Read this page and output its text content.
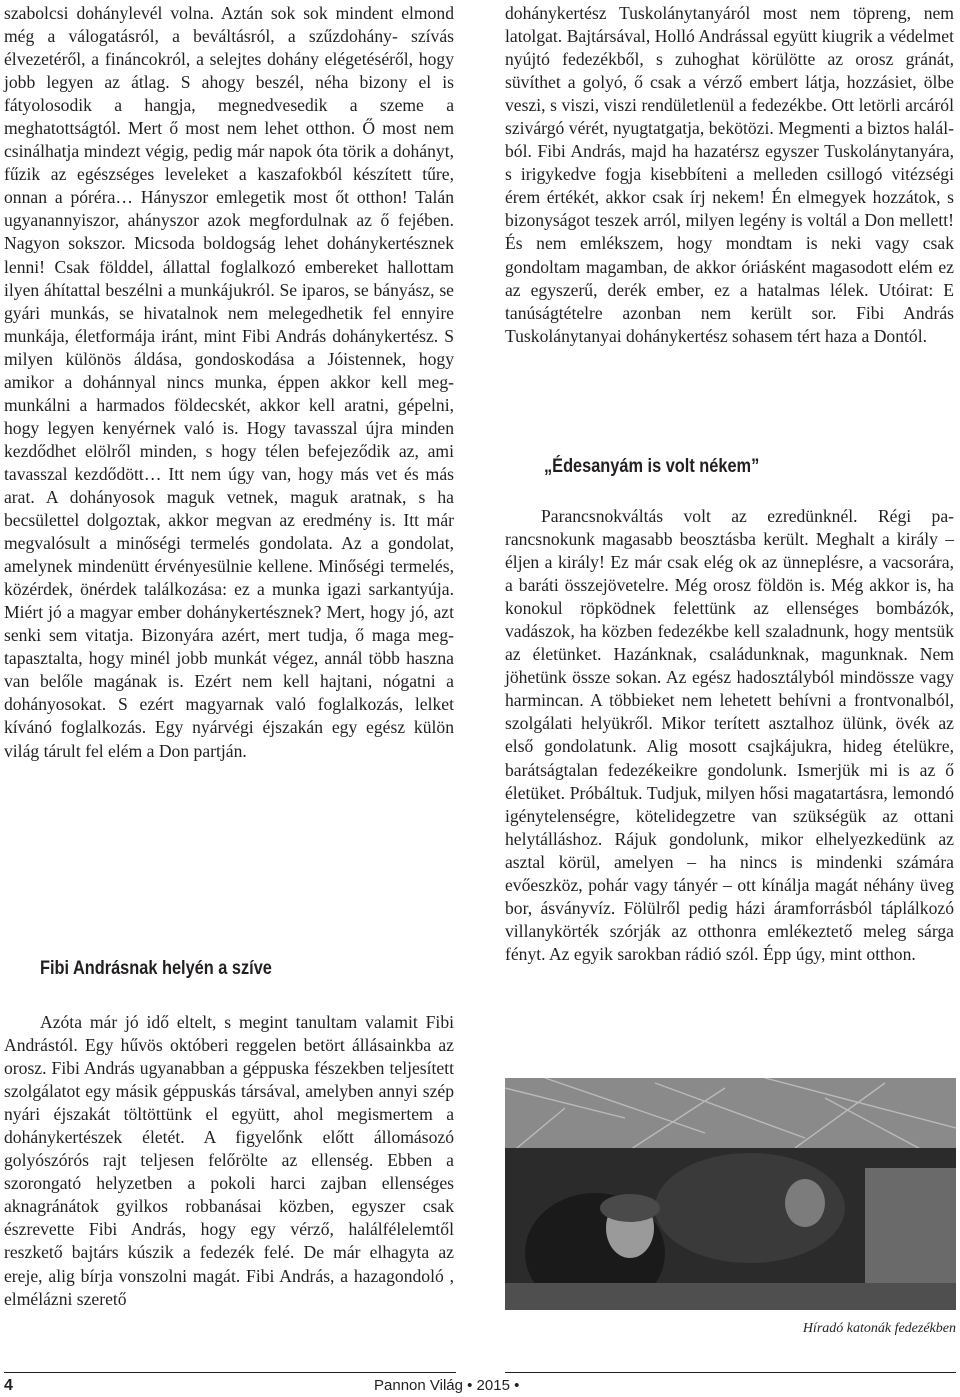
szabolcsi dohánylevél volna. Aztán sok sok mindent elmond még a válogatásról, a beváltásról, a szűzdohány- szívás élvezetéről, a fináncokról, a selejtes dohány elégetéséről, hogy jobb legyen az átlag. S ahogy beszél, néha bizony el is fátyolosodik a hangja, megnedvesedik a szeme a meghatottságtól. Mert ő most nem lehet otthon. Ő most nem csinálhatja mindezt végig, pedig már napok óta törik a dohányt, fűzik az egészséges leveleket a kaszafokból készített tűre, onnan a póréra… Hányszor emlegetik most őt otthon! Talán ugyanannyiszor, ahányszor azok megfordulnak az ő fejében. Nagyon sokszor. Micsoda boldogság lehet dohánykertésznek lenni! Csak földdel, állattal foglalkozó embereket hallottam ilyen áhítattal beszélni a munkájukról. Se iparos, se bányász, se gyári munkás, se hivatalnok nem melegedhetik fel ennyire munkája, életformája iránt, mint Fibi András dohánykertész. S milyen különös áldása, gondoskodása a Jóistennek, hogy amikor a dohánnyal nincs munka, éppen akkor kell megmunkálni a harmados földecskét, akkor kell aratni, gépelni, hogy legyen kenyérnek való is. Hogy tavasszal újra minden kezdődhet elölről minden, s hogy télen befejeződik az, ami tavasszal kezdődött… Itt nem úgy van, hogy más vet és más arat. A dohányosok maguk vetnek, maguk aratnak, s ha becsülettel dolgoztak, akkor megvan az eredmény is. Itt már megvalósult a minőségi termelés gondolata. Az a gondolat, amelynek mindenütt érvényesülnie kellene. Minőségi termelés, közérdek, önérdek találkozása: ez a munka igazi sarkantyúja. Miért jó a magyar ember dohánykertésznek? Mert, hogy jó, azt senki sem vitatja. Bizonyára azért, mert tudja, ő maga megtapasztalta, hogy minél jobb munkát végez, annál több haszna van belőle magának is. Ezért nem kell hajtani, nógatni a dohányosokat. S ezért magyarnak való foglalkozás, lelket kívánó foglalkozás. Egy nyárvégi éjszakán egy egész külön világ tárult fel elém a Don partján.

Azóta már jó idő eltelt, s megint tanultam valamit Fibi Andrástól. Egy hűvös októberi reggelen betört állásainkba az orosz. Fibi András ugyanabban a géppuska fészekben teljesített szolgálatot egy másik géppuskás társával, amelyben annyi szép nyári éjszakát töltöttünk el együtt, ahol megismertem a dohánykertészek életét. A figyelőnk előtt állomásozó golyószórós rajt teljesen felőrölte az ellenség. Ebben a szorongató helyzetben a pokoli harci zajban ellenséges aknagránátok gyilkos robbanásai közben, egyszer csak észrevette Fibi András, hogy egy vérző, halálfélelemtől reszkető bajtárs kúszik a fedezék felé. De már elhagyta az ereje, alig bírja vonszolni magát. Fibi András, a hazagondoló , elmélázni szerető

Fibi Andrásnak helyén a szíve

dohánykertész Tuskolánytanyáról most nem töpreng, nem latolgat. Bajtársával, Holló Andrással együtt kiugrik a védelmet nyújtó fedezékből, s zuhoghat körülötte az orosz gránát, süvíthet a golyó, ő csak a vérző embert látja, hozzásiet, ölbe veszi, s viszi, viszi rendületlenül a fedezékbe. Ott letörli arcáról szivárgó vérét, nyugtatgatja, bekötözi. Megmenti a biztos halálból. Fibi András, majd ha hazatérsz egyszer Tuskolánytanyára, s irigykedve fogja kisebbíteni a melleden csillogó vitézségi érem értékét, akkor csak írj nekem! Én elmegyek hozzátok, s bizonyságot teszek arról, milyen legény is voltál a Don mellett! És nem emlékszem, hogy mondtam is neki vagy csak gondoltam magamban, de akkor óriásként magasodott elém ez az egyszerű, derék ember, ez a hatalmas lélek. Utóirat: E tanúságtételre azonban nem került sor. Fibi András Tuskolánytanyai dohánykertész sohasem tért haza a Dontól.

Parancsnokváltás volt az ezredünknél. Régi parancsnokunk magasabb beosztásba került. Meghalt a király – éljen a király! Ez már csak elég ok az ünneplésre, a vacsorára, a baráti összejövetelre. Még orosz földön is. Még akkor is, ha konokul röpködnek felettünk az ellenséges bombázók, vadászok, ha közben fedezékbe kell szaladnunk, hogy mentsük az életünket. Hazánknak, családunknak, magunknak. Nem jöhetünk össze sokan. Az egész hadosztályból mindössze vagy harmincan. A többieket nem lehetett behívni a frontvonalból, szolgálati helyükről. Mikor terített asztalhoz ülünk, övék az első gondolatunk. Alig mosott csajkájukra, hideg ételükre, barátságtalan fedezékeikre gondolunk. Ismerjük mi is az ő életüket. Próbáltuk. Tudjuk, milyen hősi magatartásra, lemondó igénytelenségre, kötelidegzetre van szükségük az ottani helytálláshoz. Rájuk gondolunk, mikor elhelyezkedünk az asztal körül, amelyen – ha nincs is mindenki számára evőeszköz, pohár vagy tányér – ott kínálja magát néhány üveg bor, ásványvíz. Fölülről pedig házi áramforrásból táplálkozó villanykörték szórják az otthonra emlékeztető meleg sárga fényt. Az egyik sarokban rádió szól. Épp úgy, mint otthon.

„Édesanyám is volt nékem”
Híradó katonák fedezékben
4	Pannon Világ • 2015 •
